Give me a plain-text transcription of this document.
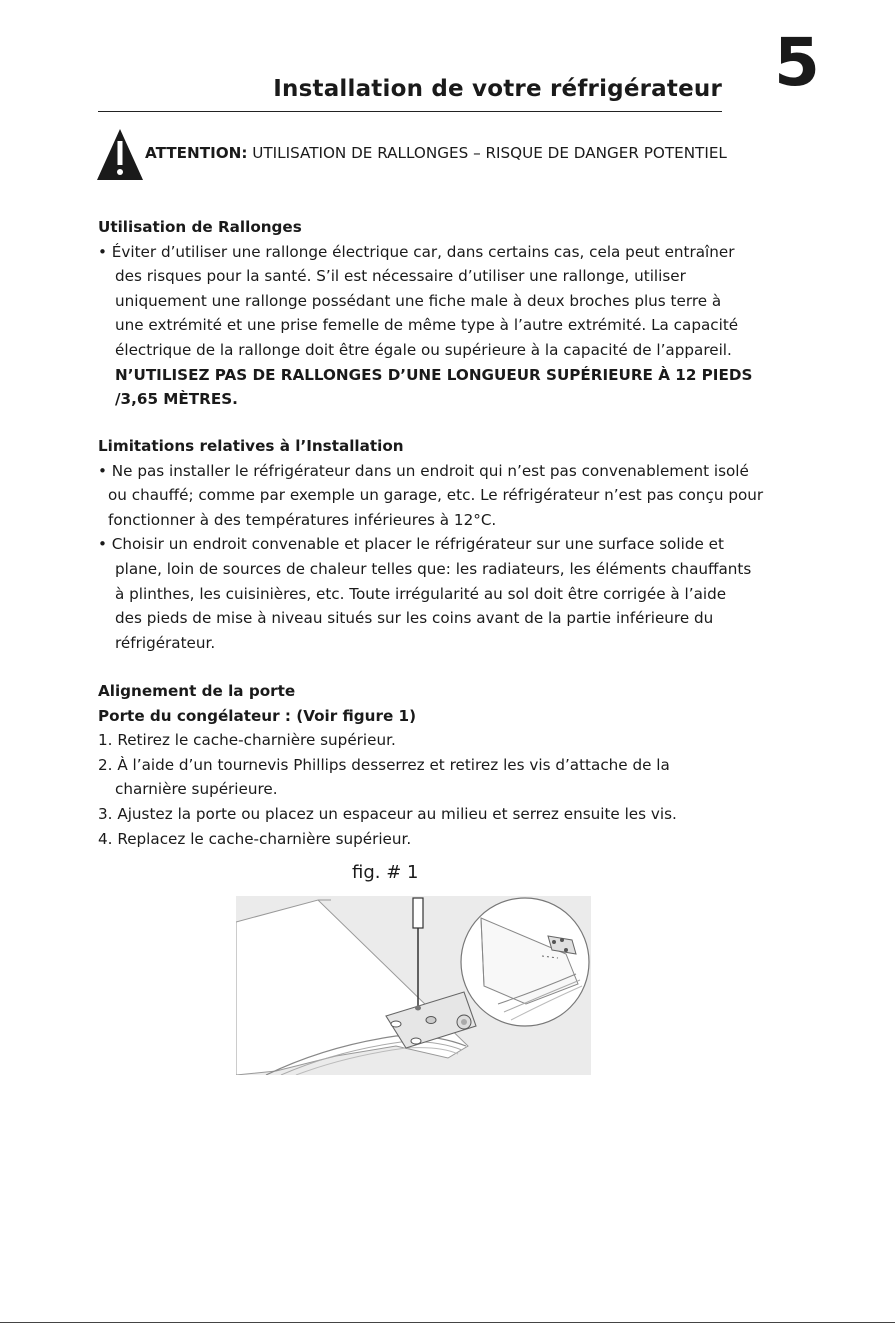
Installation de votre réfrigérateur 5
ATTENTION: UTILISATION DE RALLONGES – RISQUE DE DANGER POTENTIEL
Utilisation de Rallonges
• Éviter d’utiliser une rallonge électrique car, dans certains cas, cela peut entraîner
des risques pour la santé. S’il est nécessaire d’utiliser une rallonge, utiliser
uniquement une rallonge possédant une fiche male à deux broches plus terre à
une extrémité et une prise femelle de même type à l’autre extrémité. La capacité
électrique de la rallonge doit être égale ou supérieure à la capacité de l’appareil.
N’UTILISEZ PAS DE RALLONGES D’UNE LONGUEUR SUPÉRIEURE À 12 PIEDS
/3,65 MÈTRES.
Limitations relatives à l’Installation
• Ne pas installer le réfrigérateur dans un endroit qui n’est pas convenablement isolé
ou chauffé; comme par exemple un garage, etc. Le réfrigérateur n’est pas conçu pour
fonctionner à des températures inférieures à 12°C.
• Choisir un endroit convenable et placer le réfrigérateur sur une surface solide et
plane, loin de sources de chaleur telles que: les radiateurs, les éléments chauffants
à plinthes, les cuisinières, etc. Toute irrégularité au sol doit être corrigée à l’aide
des pieds de mise à niveau situés sur les coins avant de la partie inférieure du
réfrigérateur.
Alignement de la porte
Porte du congélateur : (Voir figure 1)
1. Retirez le cache-charnière supérieur.
2. À l’aide d’un tournevis Phillips desserrez et retirez les vis d’attache de la
charnière supérieure.
3. Ajustez la porte ou placez un espaceur au milieu et serrez ensuite les vis.
4. Replacez le cache-charnière supérieur.
fig. # 1
